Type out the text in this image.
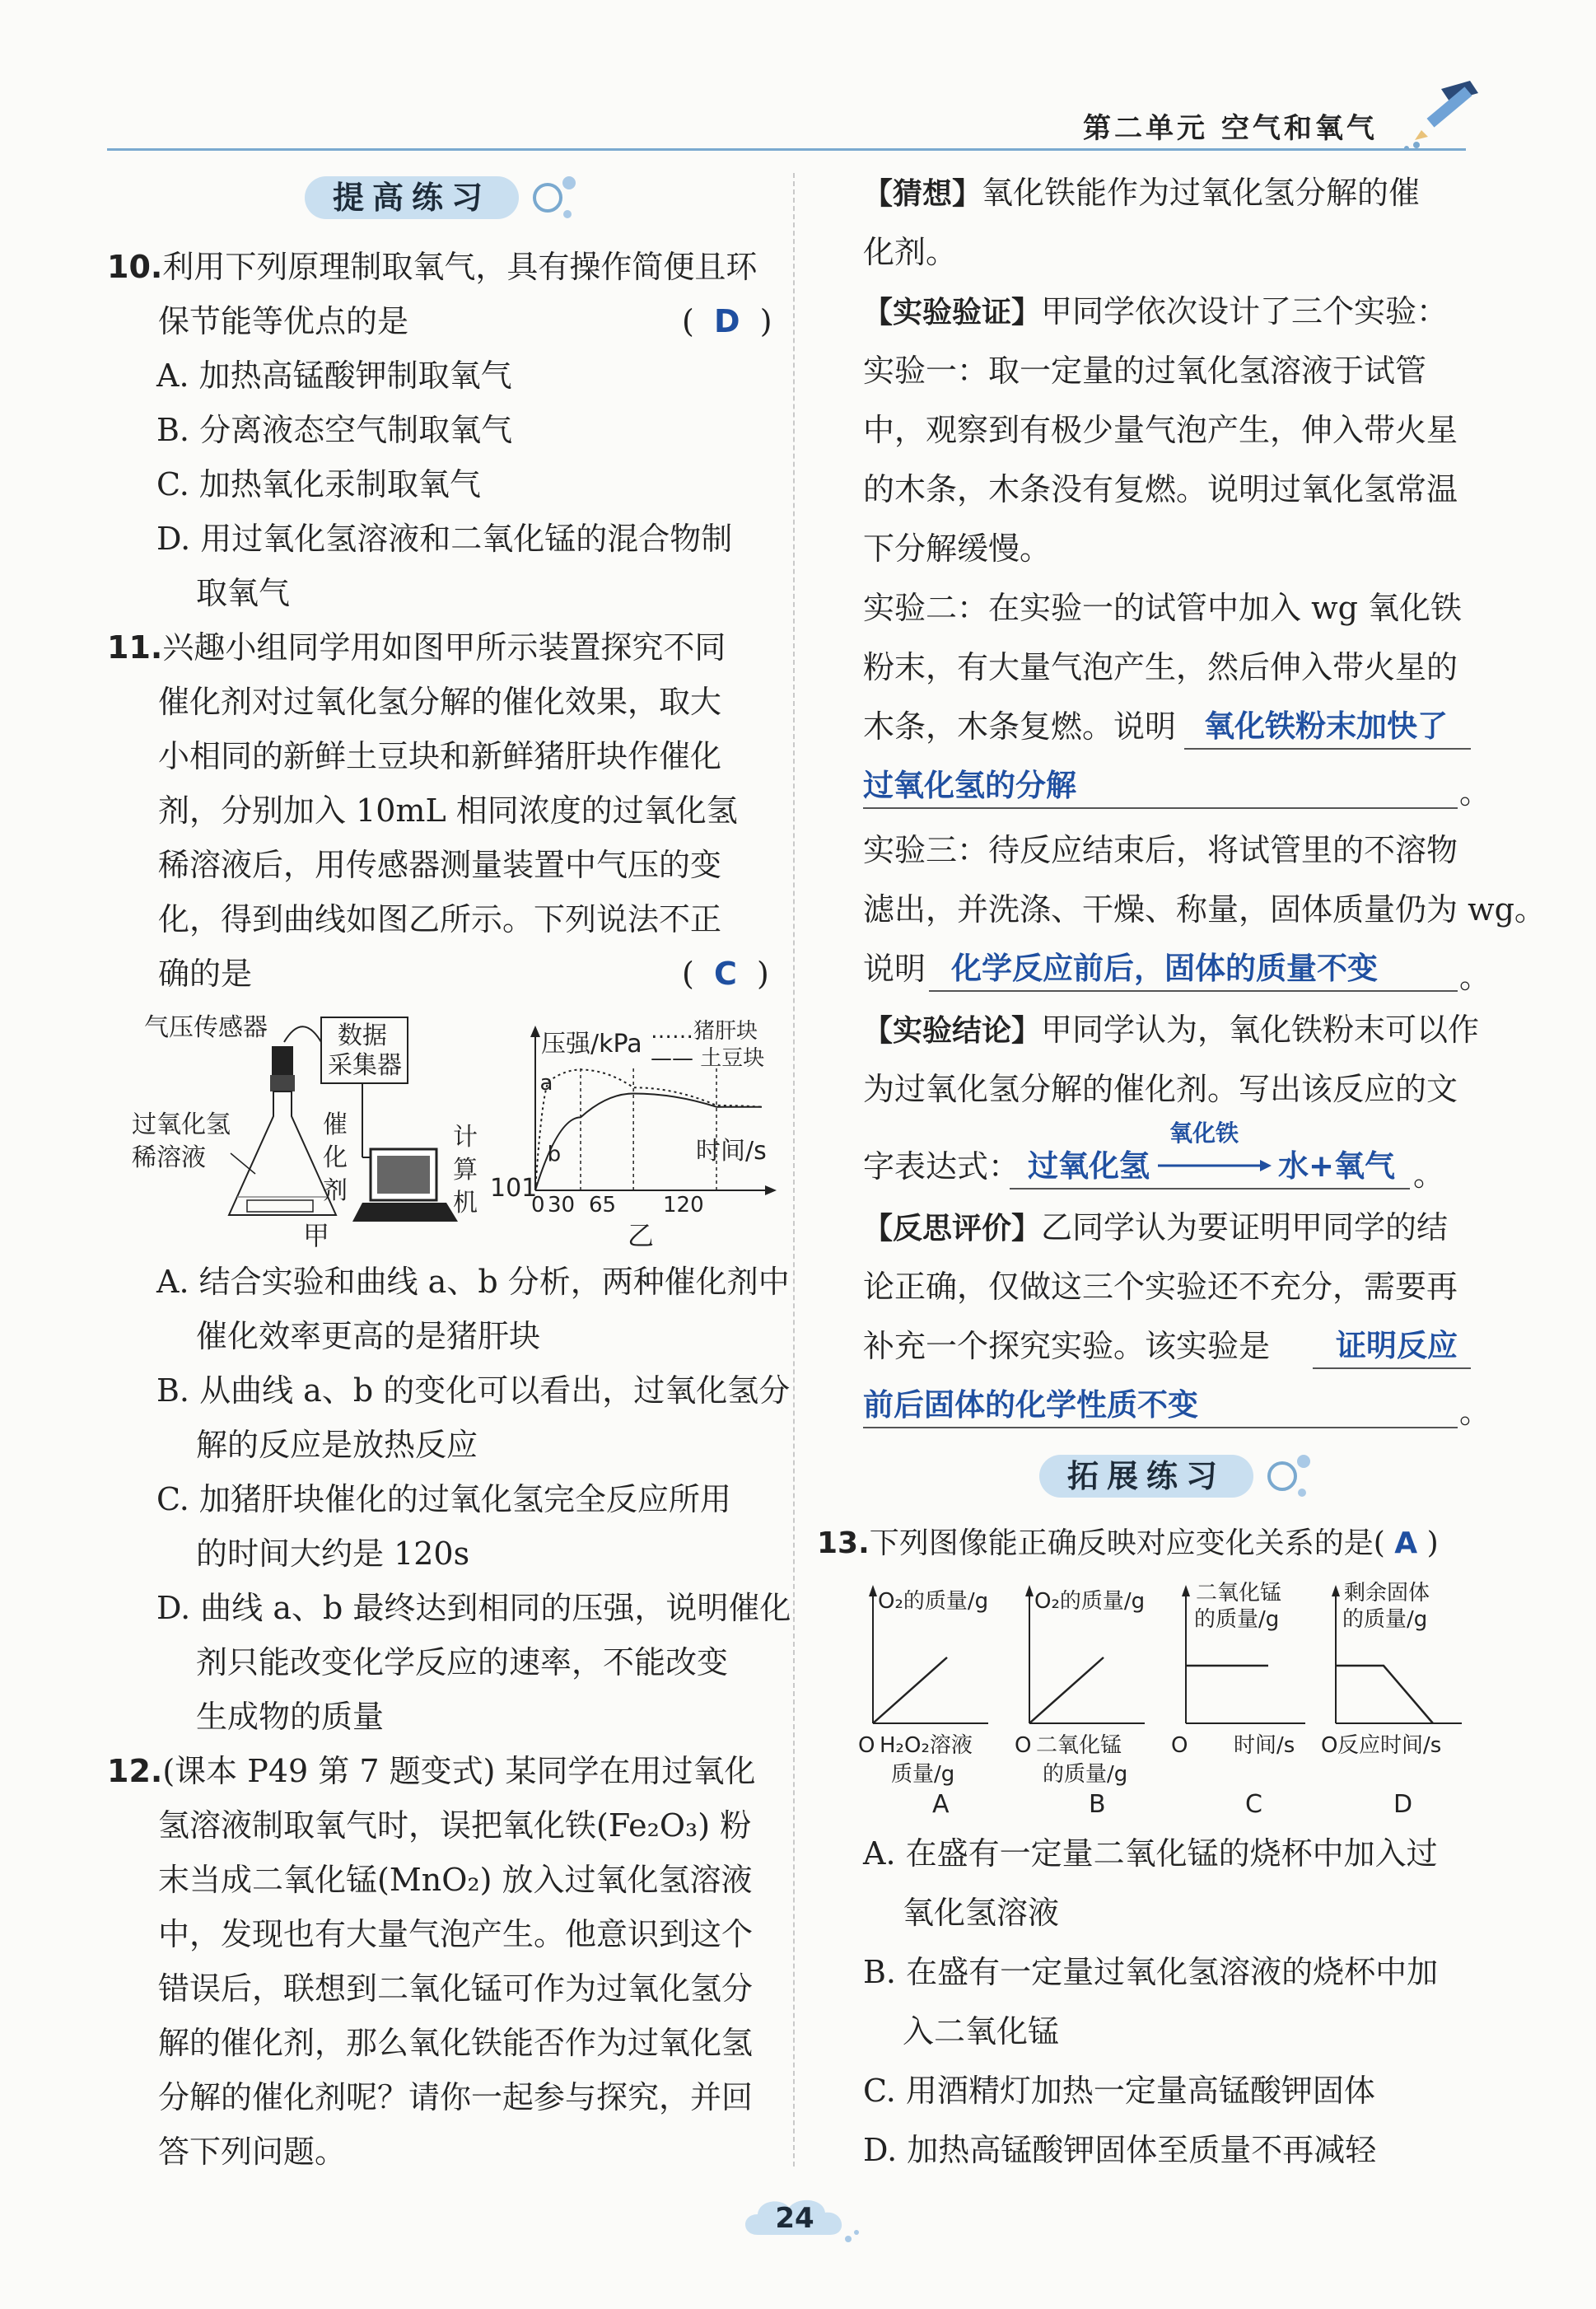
第二单元 空气和氧气
提高练习
10.利用下列原理制取氧气，具有操作简便且环
保节能等优点的是	(  D  )
A. 加热高锰酸钾制取氧气
B. 分离液态空气制取氧气
C. 加热氧化汞制取氧气
D. 用过氧化氢溶液和二氧化锰的混合物制
取氧气
11.兴趣小组同学用如图甲所示装置探究不同
催化剂对过氧化氢分解的催化效果，取大
小相同的新鲜土豆块和新鲜猪肝块作催化
剂，分别加入 10mL 相同浓度的过氧化氢
稀溶液后，用传感器测量装置中气压的变
化，得到曲线如图乙所示。下列说法不正
确的是	(  C  )
气压传感器	数据
采集器
过氧化氢
稀溶液
催
化
剂
计
算
机
甲
压强/kPa
时间/s
……猪肝块
—— 土豆块
101
0 30 65 120
a
b
乙
A. 结合实验和曲线 a、b 分析，两种催化剂中
催化效率更高的是猪肝块
B. 从曲线 a、b 的变化可以看出，过氧化氢分
解的反应是放热反应
C. 加猪肝块催化的过氧化氢完全反应所用
的时间大约是 120s
D. 曲线 a、b 最终达到相同的压强，说明催化
剂只能改变化学反应的速率，不能改变
生成物的质量
12.(课本 P49 第 7 题变式) 某同学在用过氧化
氢溶液制取氧气时，误把氧化铁(Fe₂O₃) 粉
末当成二氧化锰(MnO₂) 放入过氧化氢溶液
中，发现也有大量气泡产生。他意识到这个
错误后，联想到二氧化锰可作为过氧化氢分
解的催化剂，那么氧化铁能否作为过氧化氢
分解的催化剂呢？请你一起参与探究，并回
答下列问题。
【猜想】氧化铁能作为过氧化氢分解的催
化剂。
【实验验证】甲同学依次设计了三个实验：
实验一：取一定量的过氧化氢溶液于试管
中，观察到有极少量气泡产生，伸入带火星
的木条，木条没有复燃。说明过氧化氢常温
下分解缓慢。
实验二：在实验一的试管中加入 wg 氧化铁
粉末，有大量气泡产生，然后伸入带火星的
木条，木条复燃。说明 氧化铁粉末加快了
过氧化氢的分解	。
实验三：待反应结束后，将试管里的不溶物
滤出，并洗涤、干燥、称量，固体质量仍为 wg。
说明 化学反应前后，固体的质量不变	。
【实验结论】甲同学认为，氧化铁粉末可以作
为过氧化氢分解的催化剂。写出该反应的文
字表达式： 过氧化氢
氧化铁
水+氧气 。
【反思评价】乙同学认为要证明甲同学的结
论正确，仅做这三个实验还不充分，需要再
补充一个探究实验。该实验是 证明反应
前后固体的化学性质不变	。
拓展练习
13.下列图像能正确反映对应变化关系的是( A )
O₂的质量/g
O H₂O₂溶液
质量/g
A
O₂的质量/g
O 二氧化锰
的质量/g
B
二氧化锰
的质量/g
O 时间/s
C
剩余固体
的质量/g
O 反应时间/s
D
A. 在盛有一定量二氧化锰的烧杯中加入过
氧化氢溶液
B. 在盛有一定量过氧化氢溶液的烧杯中加
入二氧化锰
C. 用酒精灯加热一定量高锰酸钾固体
D. 加热高锰酸钾固体至质量不再减轻
24
